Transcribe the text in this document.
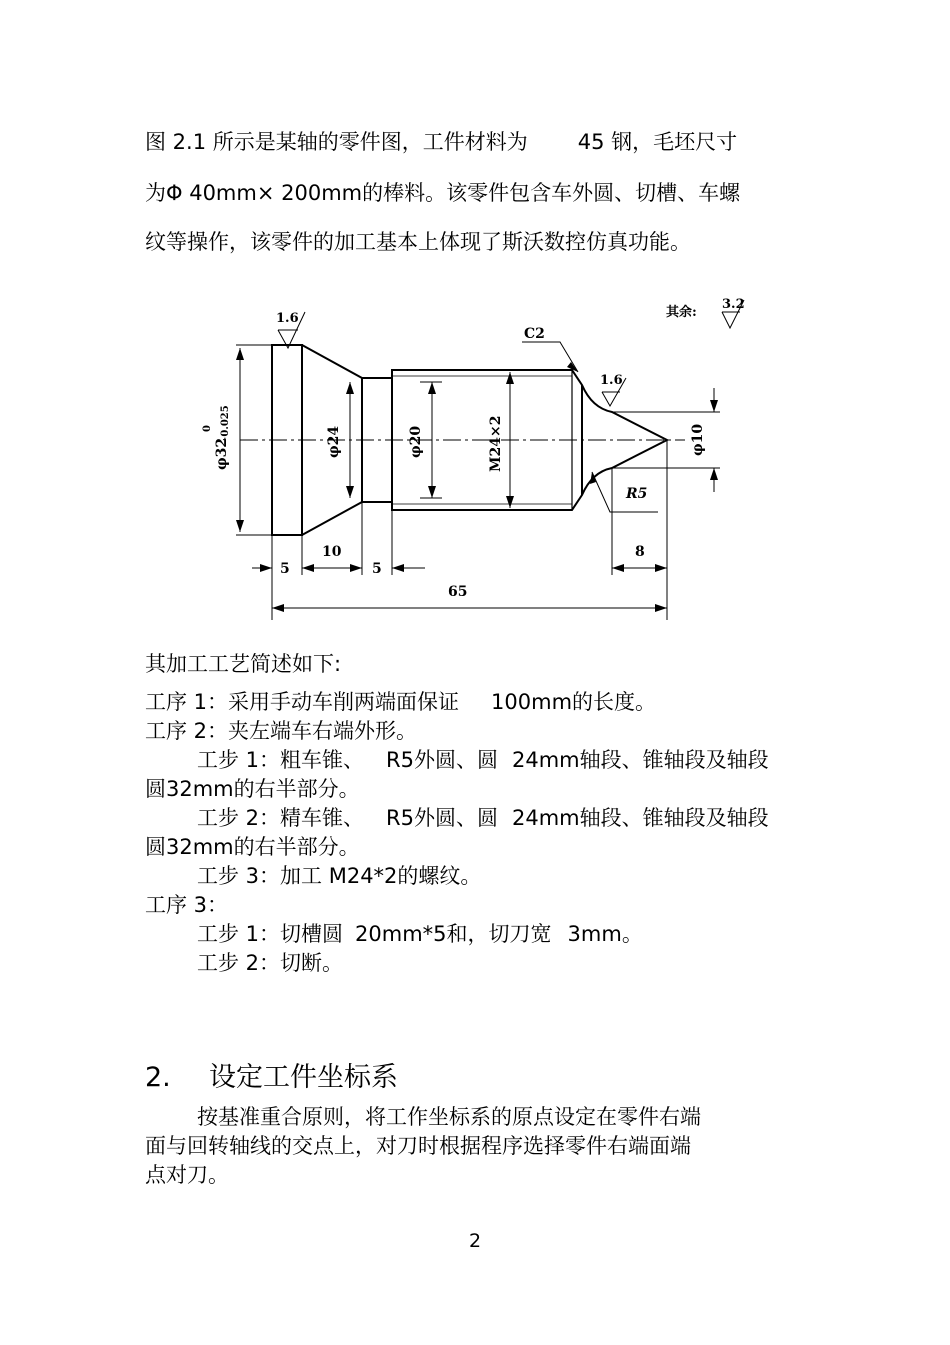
图 2.1 所示是某轴的零件图，工件材料为 45 钢，毛坯尺寸
为Φ 40mm× 200mm的棒料。该零件包含车外圆、切槽、车螺
纹等操作，该零件的加工基本上体现了斯沃数控仿真功能。
其余:
3.2
1.6
1.6
C2
φ32
0 −0.025	φ24	φ20	M24×2	φ10
R5
5
10
5
8
65
其加工工艺简述如下:
工序 1：采用手动车削两端面保证 100mm的长度。
工序 2：夹左端车右端外形。
工步 1：粗车锥、 R5外圆、圆 24mm轴段、锥轴段及轴段
圆32mm的右半部分。
工步 2：精车锥、 R5外圆、圆 24mm轴段、锥轴段及轴段
圆32mm的右半部分。
工步 3：加工 M24*2的螺纹。
工序 3：
工步 1：切槽圆 20mm*5和，切刀宽 3mm。
工步 2：切断。
2. 设定工件坐标系
按基准重合原则，将工作坐标系的原点设定在零件右端
面与回转轴线的交点上，对刀时根据程序选择零件右端面端
点对刀。
2
